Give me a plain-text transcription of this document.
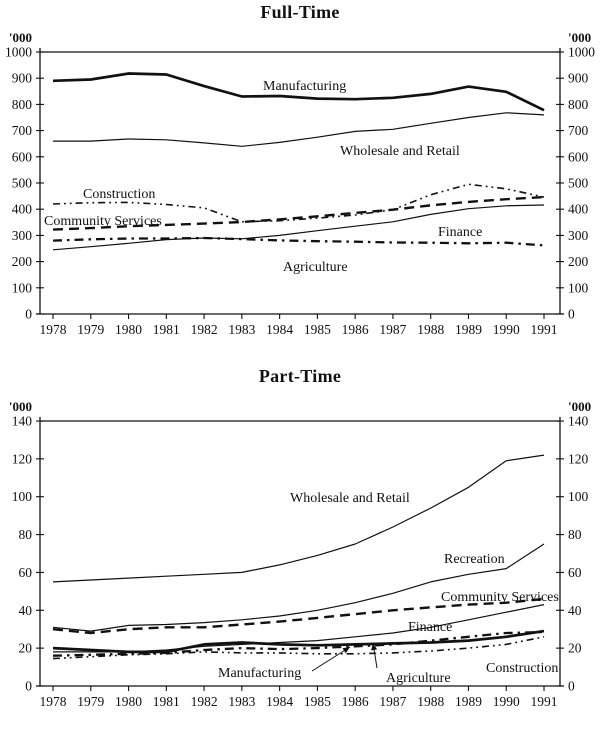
Full-Time
Part-Time
0	0
100	100
200	200
300	300
400	400
500	500
600	600
700	700
800	800
900	900
1000	1000
'000	'000
1978 1979 1980 1981 1982 1983 1984 1985 1986 1987 1988 1989 1990 1991
Manufacturing
Wholesale and Retail
Construction
Community Services
Finance
Agriculture
0	0
20	20
40	40
60	60
80	80
100	100
120	120
140	140
'000	'000
1978 1979 1980 1981 1982 1983 1984 1985 1986 1987 1988 1989 1990 1991
Wholesale and Retail
Recreation
Community Services
Finance
Manufacturing	Agriculture
Construction
